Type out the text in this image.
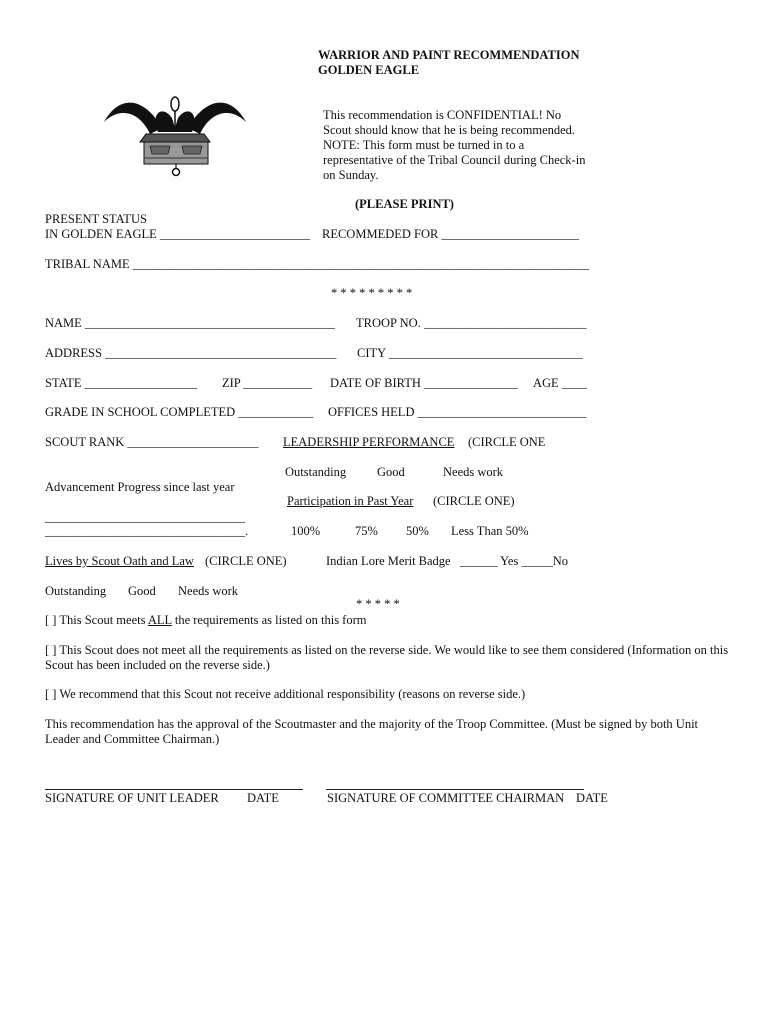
WARRIOR AND PAINT RECOMMENDATION
GOLDEN EAGLE
This recommendation is CONFIDENTIAL! No
Scout should know that he is being recommended.
NOTE: This form must be turned in to a
representative of the Tribal Council during Check-in
on Sunday.
(PLEASE PRINT)
PRESENT STATUS
IN GOLDEN EAGLE ________________________ RECOMMEDED FOR ______________________
TRIBAL NAME _________________________________________________________________________
* * * * * * * * *
NAME ________________________________________ TROOP NO. __________________________
ADDRESS _____________________________________ CITY _______________________________
STATE __________________ ZIP ___________ DATE OF BIRTH _______________ AGE ____
GRADE IN SCHOOL COMPLETED ____________ OFFICES HELD ___________________________
SCOUT RANK _____________________ LEADERSHIP PERFORMANCE (CIRCLE ONE
Outstanding Good	Needs work
Advancement Progress since last year
________________________________
________________________________.
Participation in Past Year (CIRCLE ONE)
100%	75% 50% Less Than 50%
Lives by Scout Oath and Law (CIRCLE ONE)	Indian Lore Merit Badge ______ Yes _____No
Outstanding Good Needs work
* * * * *
[ ] This Scout meets ALL the requirements as listed on this form
[ ] This Scout does not meet all the requirements as listed on the reverse side. We would like to see them considered (Information on this Scout has been included on the reverse side.)
[ ] We recommend that this Scout not receive additional responsibility (reasons on reverse side.)
This recommendation has the approval of the Scoutmaster and the majority of the Troop Committee. (Must be signed by both Unit Leader and Committee Chairman.)
SIGNATURE OF UNIT LEADER DATE	SIGNATURE OF COMMITTEE CHAIRMAN DATE
